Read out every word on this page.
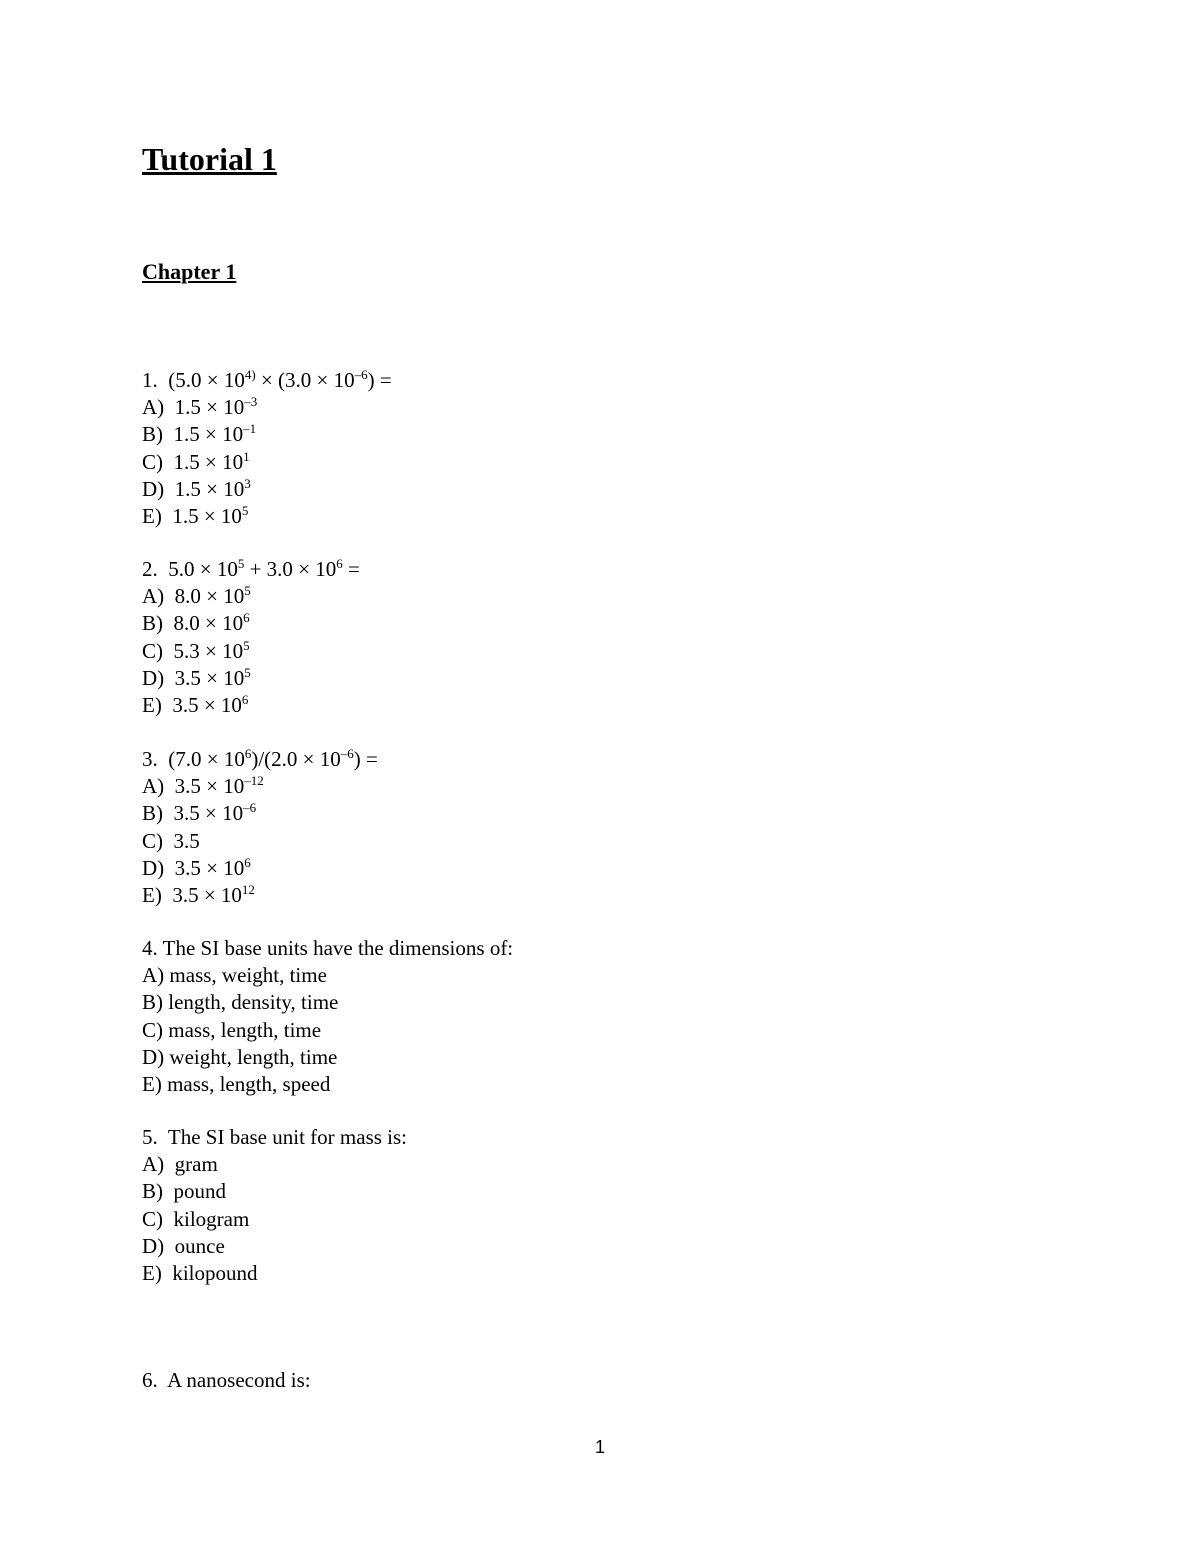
Tutorial 1
Chapter 1
1.  ($5.0 \times 10^{4)} \times (3.0 \times 10^{-6})$ =
A)  $1.5 \times 10^{-3}$
B)  $1.5 \times 10^{-1}$
C)  $1.5 \times 10^1$
D)  $1.5 \times 10^3$
E)  $1.5 \times 10^5$
2.  $5.0 \times 10^5 + 3.0 \times 10^6$ =
A)  $8.0 \times 10^5$
B)  $8.0 \times 10^6$
C)  $5.3 \times 10^5$
D)  $3.5 \times 10^5$
E)  $3.5 \times 10^6$
3.  $(7.0 \times 10^6)/(2.0 \times 10^{-6})$ =
A)  $3.5 \times 10^{-12}$
B)  $3.5 \times 10^{-6}$
C)  3.5
D)  $3.5 \times 10^6$
E)  $3.5 \times 10^{12}$
4. The SI base units have the dimensions of:
A) mass, weight, time
B) length, density, time
C) mass, length, time
D) weight, length, time
E) mass, length, speed
5.  The SI base unit for mass is:
A)  gram
B)  pound
C)  kilogram
D)  ounce
E)  kilopound
6.  A nanosecond is:
1
